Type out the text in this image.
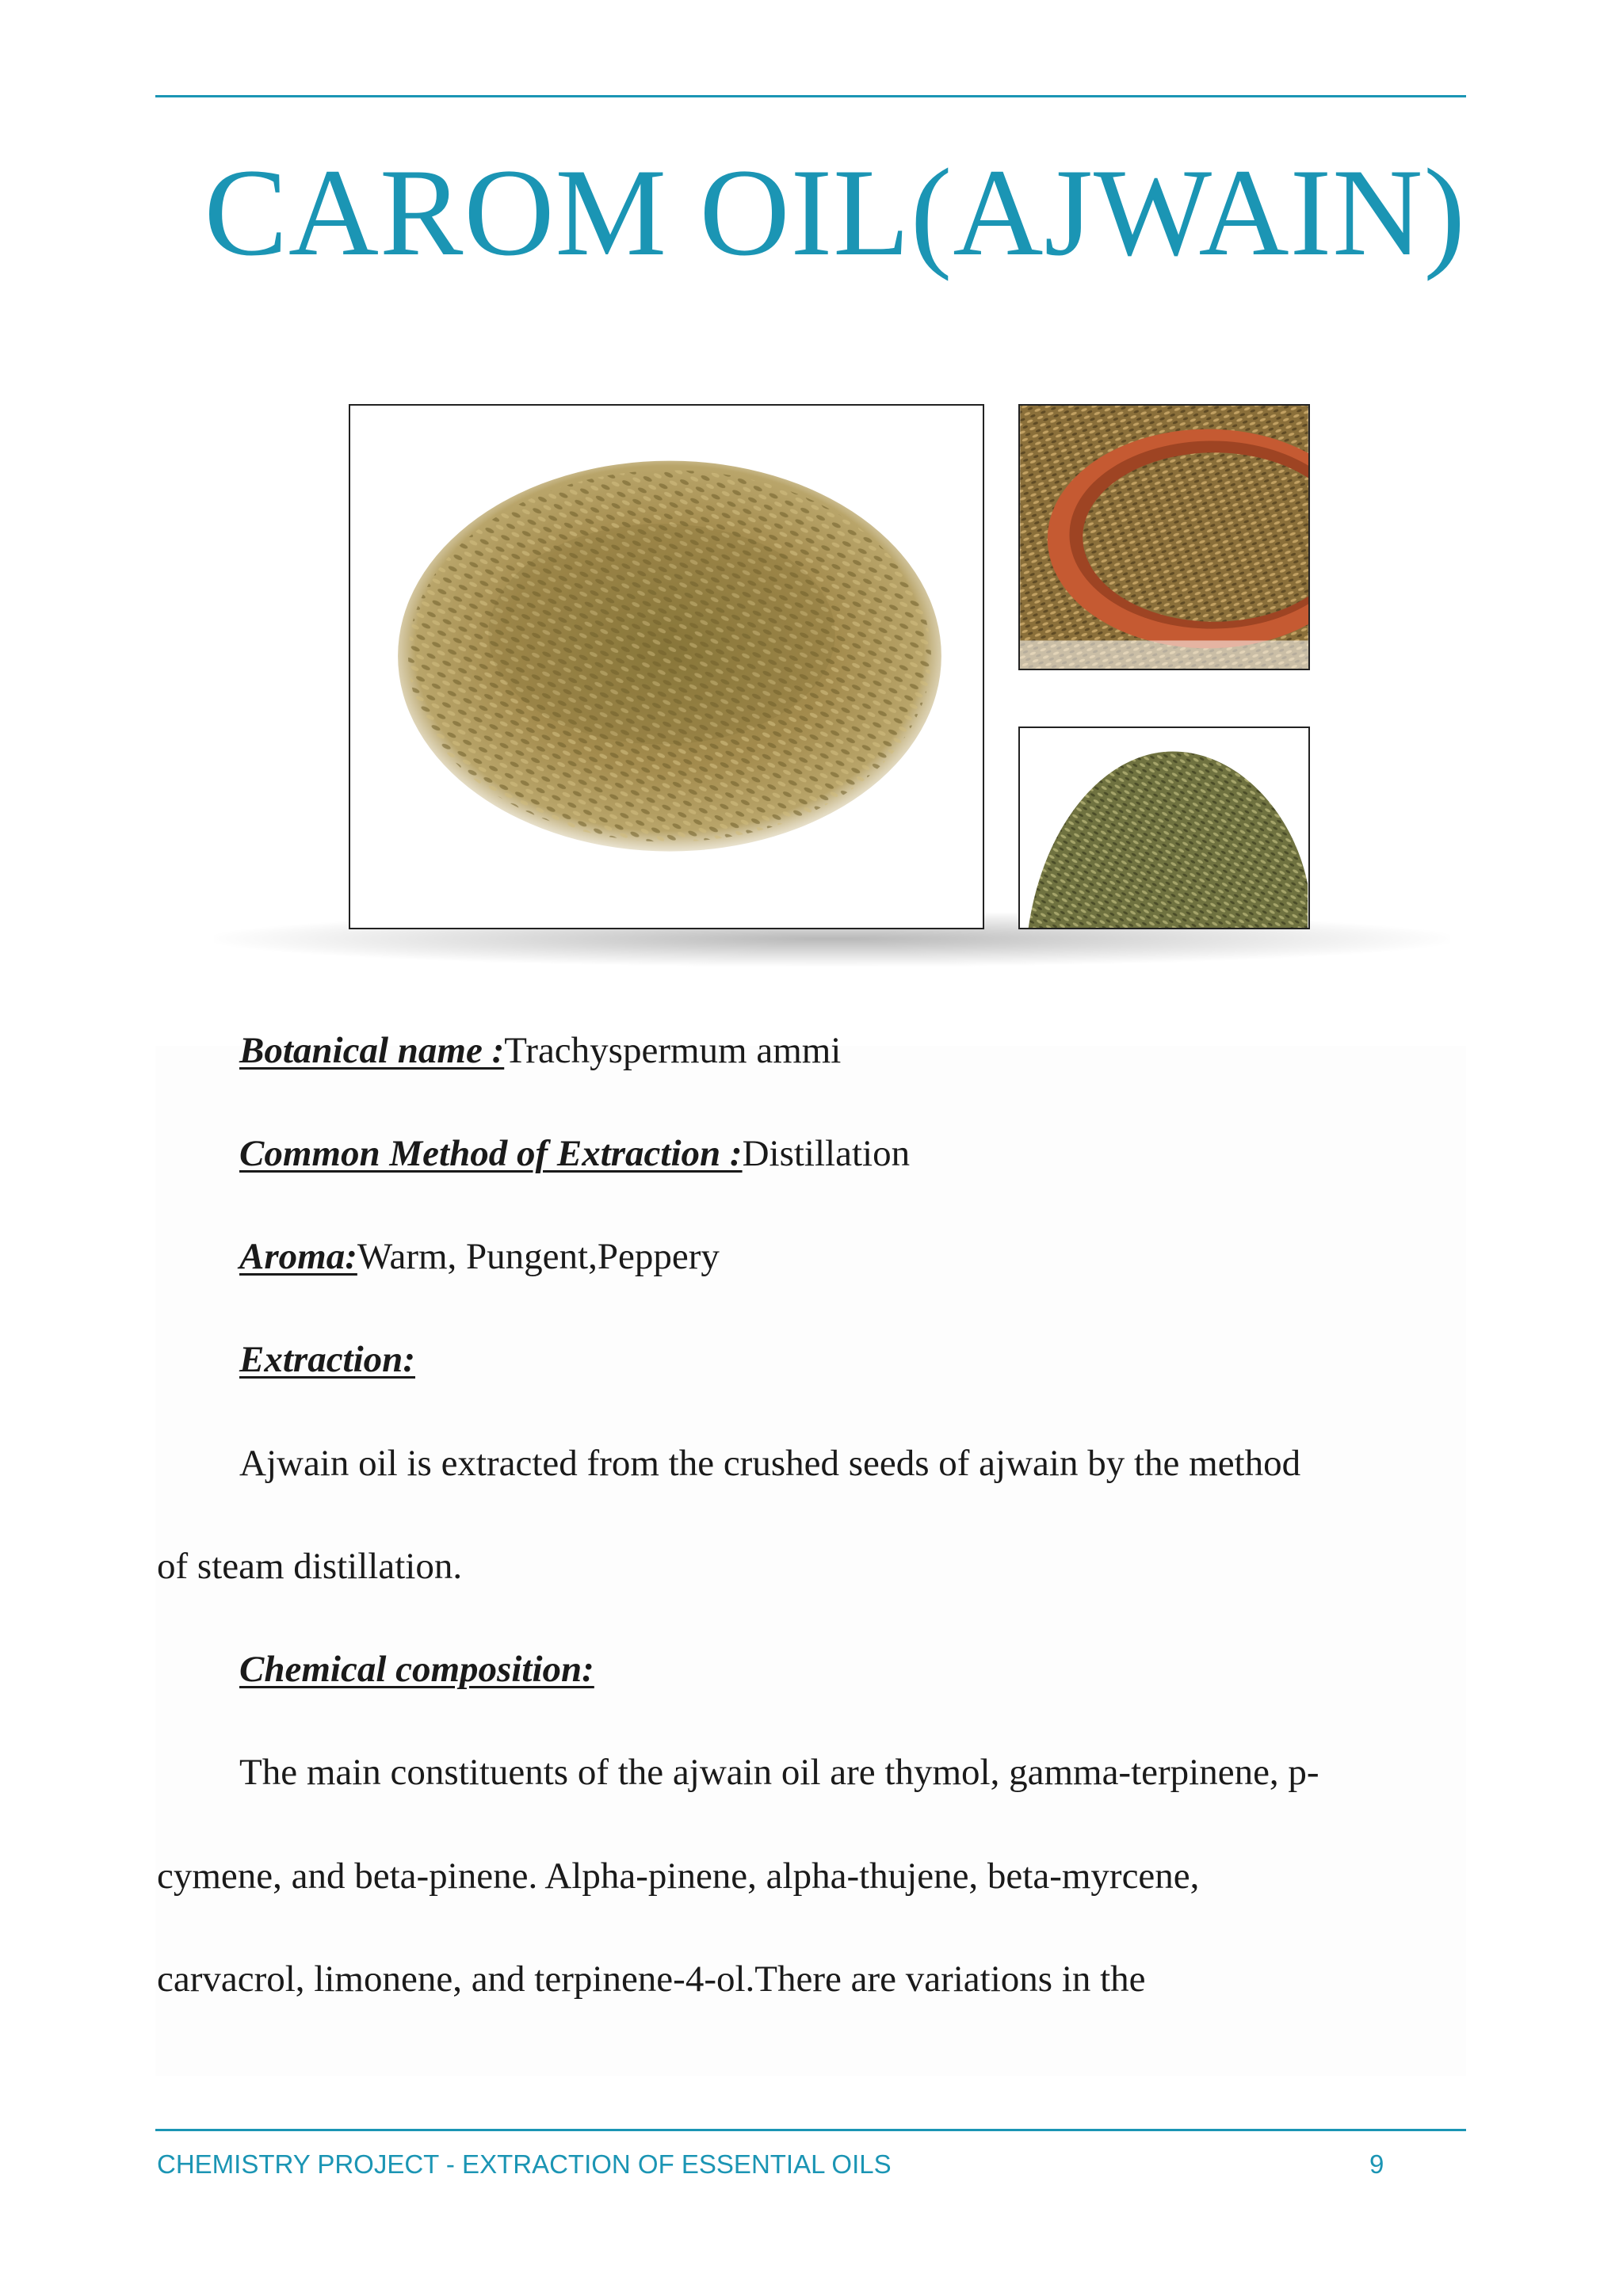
CAROM OIL(AJWAIN)

Botanical name :Trachyspermum ammi

Common Method of Extraction :Distillation

Aroma:Warm, Pungent,Peppery

Extraction:

Ajwain oil is extracted from the crushed seeds of ajwain by the method

of steam distillation.

Chemical composition:

The main constituents of the ajwain oil are thymol, gamma-terpinene, p-

cymene, and beta-pinene. Alpha-pinene, alpha-thujene, beta-myrcene,

carvacrol, limonene, and terpinene-4-ol.There are variations in the

CHEMISTRY PROJECT - EXTRACTION OF ESSENTIAL OILS	9
